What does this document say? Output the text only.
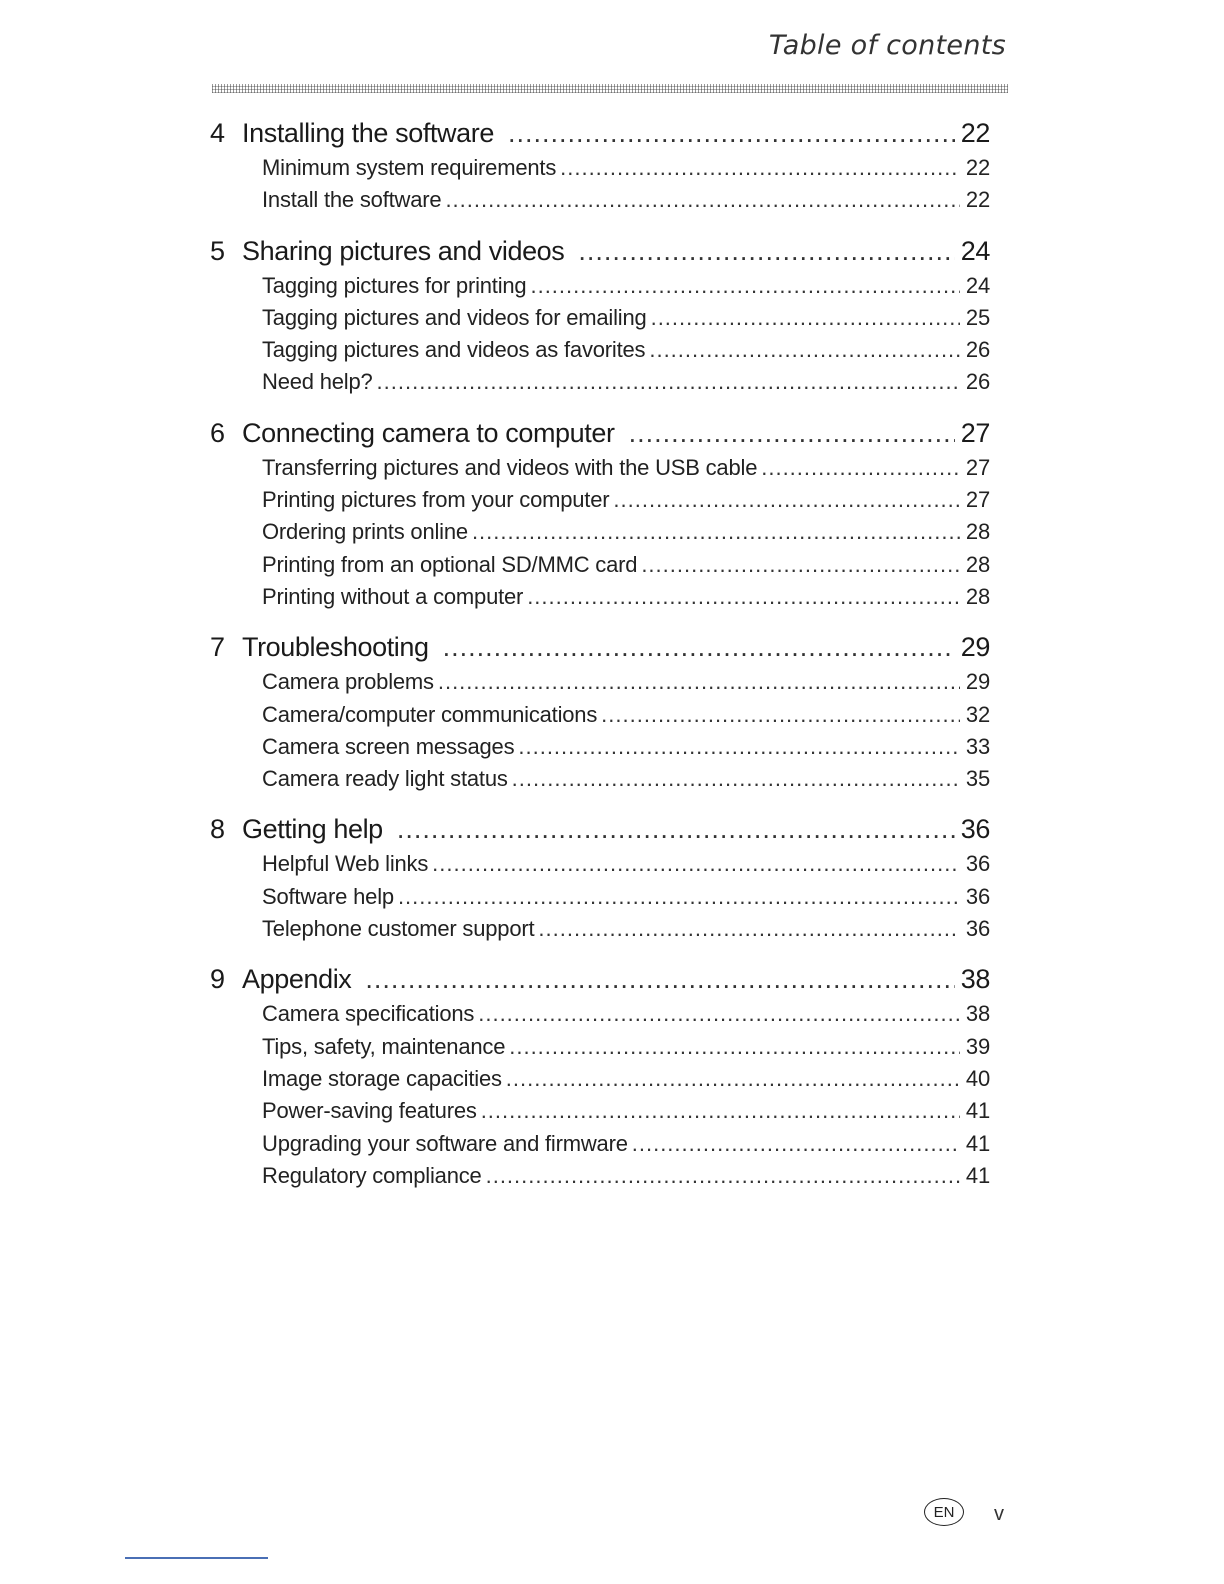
Table of contents
4 Installing the software .....	22
Minimum system requirements .....	22
Install the software .....	22
5 Sharing pictures and videos .....	24
Tagging pictures for printing .....	24
Tagging pictures and videos for emailing .....	25
Tagging pictures and videos as favorites .....	26
Need help? .....	26
6 Connecting camera to computer .....	27
Transferring pictures and videos with the USB cable .....	27
Printing pictures from your computer .....	27
Ordering prints online .....	28
Printing from an optional SD/MMC card .....	28
Printing without a computer .....	28
7 Troubleshooting .....	29
Camera problems .....	29
Camera/computer communications .....	32
Camera screen messages .....	33
Camera ready light status .....	35
8 Getting help .....	36
Helpful Web links .....	36
Software help .....	36
Telephone customer support .....	36
9 Appendix .....	38
Camera specifications .....	38
Tips, safety, maintenance .....	39
Image storage capacities .....	40
Power-saving features .....	41
Upgrading your software and firmware .....	41
Regulatory compliance .....	41
EN v
